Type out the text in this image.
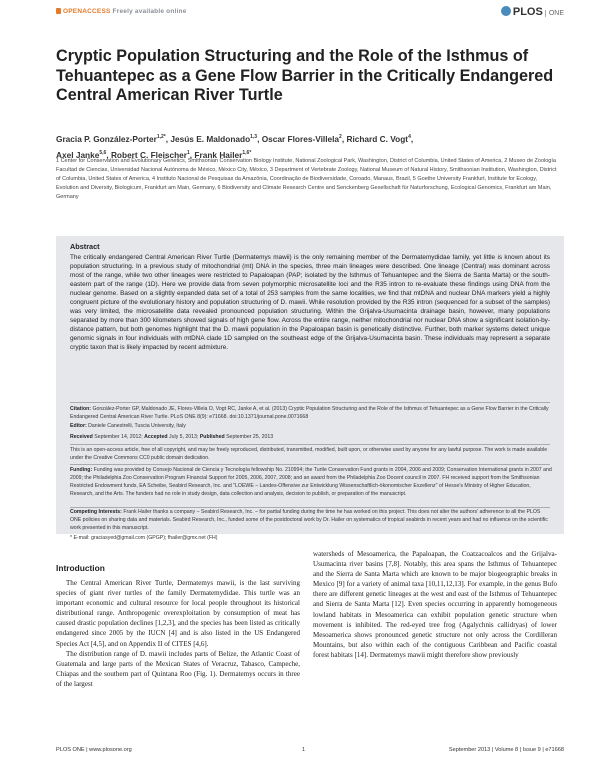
OPENACCESS Freely available online	PLOS ONE
Cryptic Population Structuring and the Role of the Isthmus of Tehuantepec as a Gene Flow Barrier in the Critically Endangered Central American River Turtle
Gracia P. González-Porter$^{1,2*}$, Jesús E. Maldonado$^{1,3}$, Oscar Flores-Villela$^2$, Richard C. Vogt$^4$,
Axel Janke$^{5,6}$, Robert C. Fleischer$^1$, Frank Hailer$^{1,6*}$
1 Center for Conservation and Evolutionary Genetics, Smithsonian Conservation Biology Institute, National Zoological Park, Washington, District of Columbia, United States of America, 2 Museo de Zoología Facultad de Ciencias, Universidad Nacional Autónoma de México, México City, México, 3 Department of Vertebrate Zoology, National Museum of Natural History, Smithsonian Institution, Washington, District of Columbia, United States of America, 4 Instituto Nacional de Pesquisas da Amazônia, Coordinação de Biodiversidade, Coroado, Manaus, Brazil, 5 Goethe University Frankfurt, Institute for Ecology, Evolution and Diversity, Biologicum, Frankfurt am Main, Germany, 6 Biodiversity and Climate Research Centre and Senckenberg Gesellschaft für Naturforschung, Ecological Genomics, Frankfurt am Main, Germany
Abstract
The critically endangered Central American River Turtle (Dermatemys mawii) is the only remaining member of the Dermatemydidae family, yet little is known about its population structuring. In a previous study of mitochondrial (mt) DNA in the species, three main lineages were described. One lineage (Central) was dominant across most of the range, while two other lineages were restricted to Papaloapan (PAP; isolated by the Isthmus of Tehuantepec and the Sierra de Santa Marta) or the south-eastern part of the range (1D). Here we provide data from seven polymorphic microsatellite loci and the R35 intron to re-evaluate these findings using DNA from the nuclear genome. Based on a slightly expanded data set of a total of 253 samples from the same localities, we find that mtDNA and nuclear DNA markers yield a highly congruent picture of the evolutionary history and population structuring of D. mawii. While resolution provided by the R35 intron (sequenced for a subset of the samples) was very limited, the microsatellite data revealed pronounced population structuring. Within the Grijalva-Usumacinta drainage basin, however, many populations separated by more than 300 kilometers showed signals of high gene flow. Across the entire range, neither mitochondrial nor nuclear DNA show a significant isolation-by-distance pattern, but both genomes highlight that the D. mawii population in the Papaloapan basin is genetically distinctive. Further, both marker systems detect unique genomic signals in four individuals with mtDNA clade 1D sampled on the southeast edge of the Grijalva-Usumacinta basin. These individuals may represent a separate cryptic taxon that is likely impacted by recent admixture.
Citation: González-Porter GP, Maldonado JE, Flores-Villela O, Vogt RC, Janke A, et al. (2013) Cryptic Population Structuring and the Role of the Isthmus of Tehuantepec as a Gene Flow Barrier in the Critically Endangered Central American River Turtle. PLoS ONE 8(9): e71668. doi:10.1371/journal.pone.0071668
Editor: Daniele Canestrelli, Tuscia University, Italy
Received September 14, 2012; Accepted July 5, 2013; Published September 25, 2013
This is an open-access article, free of all copyright, and may be freely reproduced, distributed, transmitted, modified, built upon, or otherwise used by anyone for any lawful purpose. The work is made available under the Creative Commons CC0 public domain dedication.
Funding: Funding was provided by Consejo Nacional de Ciencia y Tecnología fellowship No. 210994; the Turtle Conservation Fund grants in 2004, 2006 and 2009; Conservation International grants in 2007 and 2009; the Philadelphia Zoo Conservation Program Financial Support for 2005, 2006, 2007, 2008; and an award from the Philadelphia Zoo Docent council in 2007. FH received support from the Smithsonian Restricted Endowment funds, EA Scheibe, Seabird Research, Inc. and "LOEWE – Landes-Offensive zur Entwicklung Wissenschaftlich-ökonomischer Exzellenz" of Hesse's Ministry of Higher Education, Research, and the Arts. The funders had no role in study design, data collection and analysis, decision to publish, or preparation of the manuscript.
Competing Interests: Frank Hailer thanks a company – Seabird Research, Inc. – for partial funding during the time he has worked on this project. This does not alter the authors' adherence to all the PLOS ONE policies on sharing data and materials. Seabird Research, Inc., funded some of the postdoctoral work by Dr. Hailer on systematics of tropical seabirds in recent years and had no influence on the scientific work presented in this manuscript.
* E-mail: graciasyed@gmail.com (GPGP); fhailer@gmx.net (FH)
Introduction

The Central American River Turtle, Dermatemys mawii, is the last surviving species of giant river turtles of the family Dermatemydidae. This turtle was an important economic and cultural resource for local people throughout its historical distributional range. Anthropogenic overexploitation by consumption of meat has caused drastic population declines [1,2,3], and the species has been listed as critically endangered since 2005 by the IUCN [4] and is also listed in the US Endangered Species Act [4,5], and on Appendix II of CITES [4,6].

The distribution range of D. mawii includes parts of Belize, the Atlantic Coast of Guatemala and large parts of the Mexican States of Veracruz, Tabasco, Campeche, Chiapas and the southern part of Quintana Roo (Fig. 1). Dermatemys occurs in three of the largest

watersheds of Mesoamerica, the Papaloapan, the Coatzacoalcos and the Grijalva-Usumacinta river basins [7,8]. Notably, this area spans the Isthmus of Tehuantepec and the Sierra de Santa Marta which are known to be major biogeographic breaks in Mexico [9] for a variety of animal taxa [10,11,12,13]. For example, in the genus Bufo there are different genetic lineages at the west and east of the Isthmus of Tehuantepec and Sierra de Santa Marta [12]. Even species occurring in apparently homogeneous lowland habitats in Mesoamerica can exhibit population genetic structure when movement is inhibited. The red-eyed tree frog (Agalychnis callidryas) of lower Mesoamerica shows pronounced genetic structure not only across the Cordilleran Mountains, but also within each of the contiguous Caribbean and Pacific coastal forest habitats [14]. Dermatemys mawii might therefore show previously

PLOS ONE | www.plosone.org	1	September 2013 | Volume 8 | Issue 9 | e71668
